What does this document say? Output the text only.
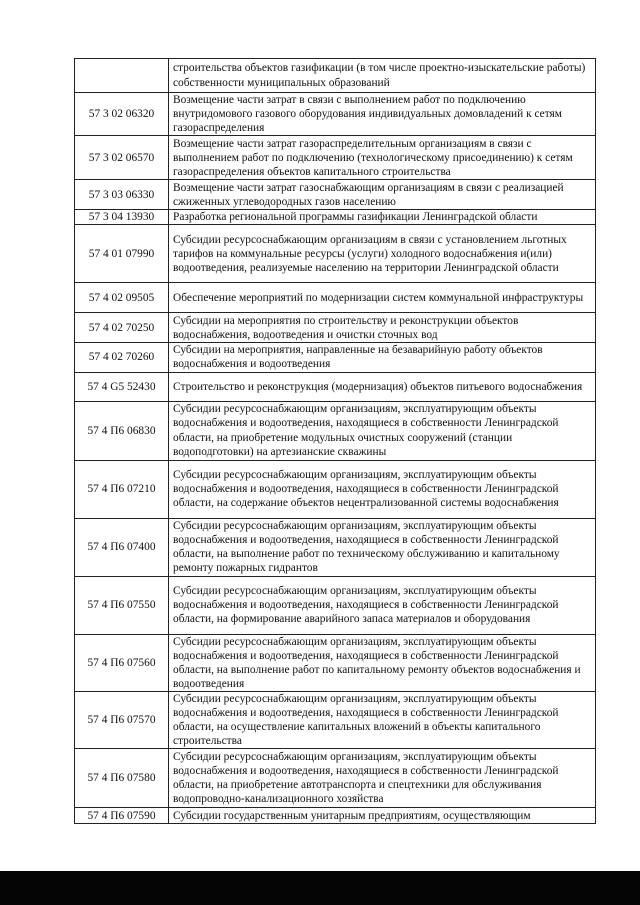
	строительства объектов газификации (в том числе проектно-изыскательские работы) собственности муниципальных образований
57 3 02 06320	Возмещение части затрат в связи с выполнением работ по подключению внутридомового газового оборудования индивидуальных домовладений к сетям газораспределения
57 3 02 06570	Возмещение части затрат газораспределительным организациям в связи с выполнением работ по подключению (технологическому присоединению) к сетям газораспределения объектов капитального строительства
57 3 03 06330	Возмещение части затрат газоснабжающим организациям в связи с реализацией сжиженных углеводородных газов населению
57 3 04 13930	Разработка региональной программы газификации Ленинградской области
57 4 01 07990	Субсидии ресурсоснабжающим организациям в связи с установлением льготных тарифов на коммунальные ресурсы (услуги) холодного водоснабжения и(или) водоотведения, реализуемые населению на территории Ленинградской области
57 4 02 09505	Обеспечение мероприятий по модернизации систем коммунальной инфраструктуры
57 4 02 70250	Субсидии на мероприятия по строительству и реконструкции объектов водоснабжения, водоотведения и очистки сточных вод
57 4 02 70260	Субсидии на мероприятия, направленные на безаварийную работу объектов водоснабжения и водоотведения
57 4 G5 52430	Строительство и реконструкция (модернизация) объектов питьевого водоснабжения
57 4 П6 06830	Субсидии ресурсоснабжающим организациям, эксплуатирующим объекты водоснабжения и водоотведения, находящиеся в собственности Ленинградской области, на приобретение модульных очистных сооружений (станции водоподготовки) на артезианские скважины
57 4 П6 07210	Субсидии ресурсоснабжающим организациям, эксплуатирующим объекты водоснабжения и водоотведения, находящиеся в собственности Ленинградской области, на содержание объектов нецентрализованной системы водоснабжения
57 4 П6 07400	Субсидии ресурсоснабжающим организациям, эксплуатирующим объекты водоснабжения и водоотведения, находящиеся в собственности Ленинградской области, на выполнение работ по техническому обслуживанию и капитальному ремонту пожарных гидрантов
57 4 П6 07550	Субсидии ресурсоснабжающим организациям, эксплуатирующим объекты водоснабжения и водоотведения, находящиеся в собственности Ленинградской области, на формирование аварийного запаса материалов и оборудования
57 4 П6 07560	Субсидии ресурсоснабжающим организациям, эксплуатирующим объекты водоснабжения и водоотведения, находящиеся в собственности Ленинградской области, на выполнение работ по капитальному ремонту объектов водоснабжения и водоотведения
57 4 П6 07570	Субсидии ресурсоснабжающим организациям, эксплуатирующим объекты водоснабжения и водоотведения, находящиеся в собственности Ленинградской области, на осуществление капитальных вложений в объекты капитального строительства
57 4 П6 07580	Субсидии ресурсоснабжающим организациям, эксплуатирующим объекты водоснабжения и водоотведения, находящиеся в собственности Ленинградской области, на приобретение автотранспорта и спецтехники для обслуживания водопроводно-канализационного хозяйства
57 4 П6 07590	Субсидии государственным унитарным предприятиям, осуществляющим
